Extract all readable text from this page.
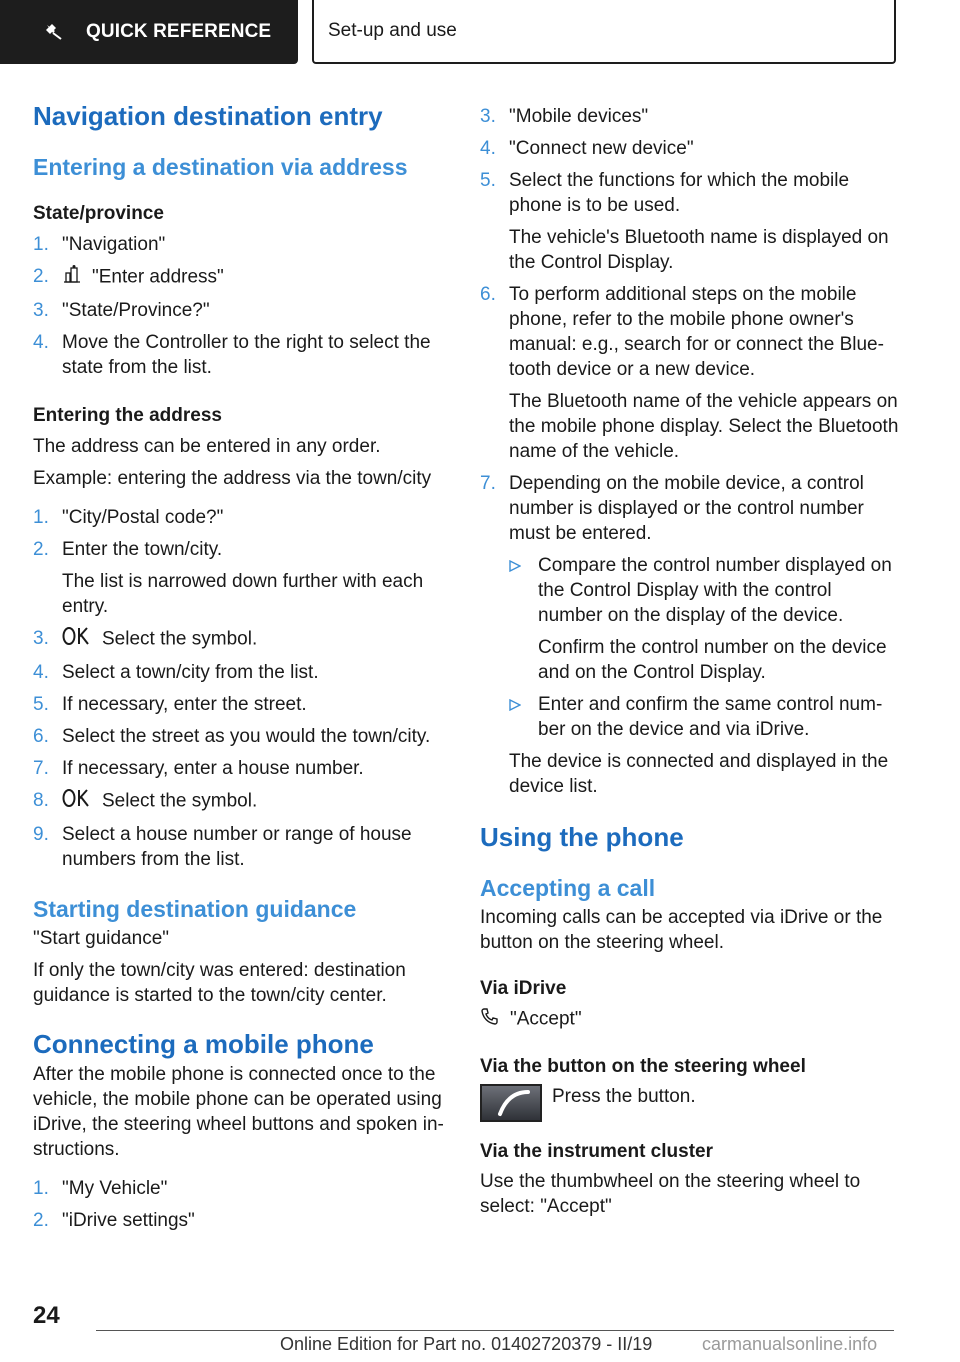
QUICK REFERENCE	Set-up and use
Navigation destination entry
Entering a destination via address
State/province
1. "Navigation"
2. "Enter address"
3. "State/Province?"
4. Move the Controller to the right to select the state from the list.
Entering the address
The address can be entered in any order.
Example: entering the address via the town/city
1. "City/Postal code?"
2. Enter the town/city.
The list is narrowed down further with each entry.
3.	Select the symbol.
4. Select a town/city from the list.
5. If necessary, enter the street.
6. Select the street as you would the town/city.
7. If necessary, enter a house number.
8.	Select the symbol.
9. Select a house number or range of house numbers from the list.
Starting destination guidance
"Start guidance"
If only the town/city was entered: destination guidance is started to the town/city center.
Connecting a mobile phone
After the mobile phone is connected once to the vehicle, the mobile phone can be operated using iDrive, the steering wheel buttons and spoken instructions.
1. "My Vehicle"
2. "iDrive settings"
3. "Mobile devices"
4. "Connect new device"
5. Select the functions for which the mobile phone is to be used.
The vehicle's Bluetooth name is displayed on the Control Display.
6. To perform additional steps on the mobile phone, refer to the mobile phone owner's manual: e.g., search for or connect the Bluetooth device or a new device.
The Bluetooth name of the vehicle appears on the mobile phone display. Select the Bluetooth name of the vehicle.
7. Depending on the mobile device, a control number is displayed or the control number must be entered.
Compare the control number displayed on the Control Display with the control number on the display of the device.
Confirm the control number on the device and on the Control Display.
Enter and confirm the same control number on the device and via iDrive.
The device is connected and displayed in the device list.
Using the phone
Accepting a call
Incoming calls can be accepted via iDrive or the button on the steering wheel.
Via iDrive
"Accept"
Via the button on the steering wheel
Press the button.
Via the instrument cluster
Use the thumbwheel on the steering wheel to select: "Accept"
24
Online Edition for Part no. 01402720379 - II/19	carmanualsonline.info
